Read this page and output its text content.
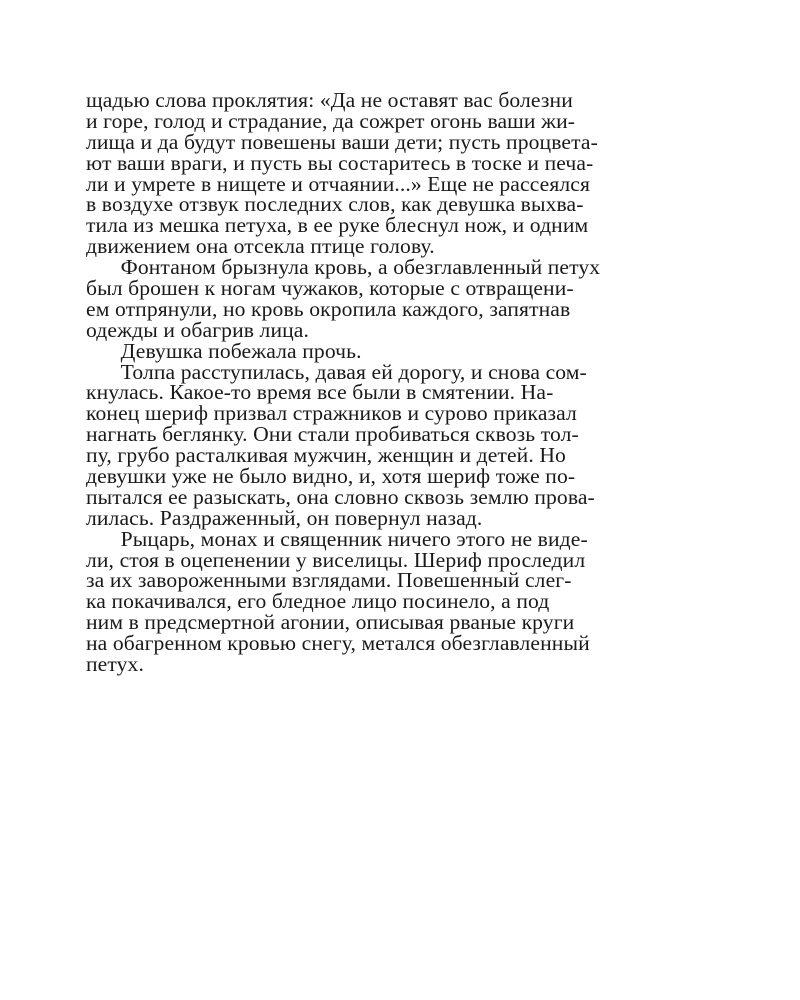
щадью слова проклятия: «Да не оставят вас болезни
и горе, голод и страдание, да сожрет огонь ваши жи-
лища и да будут повешены ваши дети; пусть процвета-
ют ваши враги, и пусть вы состаритесь в тоске и печа-
ли и умрете в нищете и отчаянии...» Еще не рассеялся
в воздухе отзвук последних слов, как девушка выхва-
тила из мешка петуха, в ее руке блеснул нож, и одним
движением она отсекла птице голову.
Фонтаном брызнула кровь, а обезглавленный петух
был брошен к ногам чужаков, которые с отвращени-
ем отпрянули, но кровь окропила каждого, запятнав
одежды и обагрив лица.
Девушка побежала прочь.
Толпа расступилась, давая ей дорогу, и снова сом-
кнулась. Какое-то время все были в смятении. На-
конец шериф призвал стражников и сурово приказал
нагнать беглянку. Они стали пробиваться сквозь тол-
пу, грубо расталкивая мужчин, женщин и детей. Но
девушки уже не было видно, и, хотя шериф тоже по-
пытался ее разыскать, она словно сквозь землю прова-
лилась. Раздраженный, он повернул назад.
Рыцарь, монах и священник ничего этого не виде-
ли, стоя в оцепенении у виселицы. Шериф проследил
за их завороженными взглядами. Повешенный слег-
ка покачивался, его бледное лицо посинело, а под
ним в предсмертной агонии, описывая рваные круги
на обагренном кровью снегу, метался обезглавленный
петух.
